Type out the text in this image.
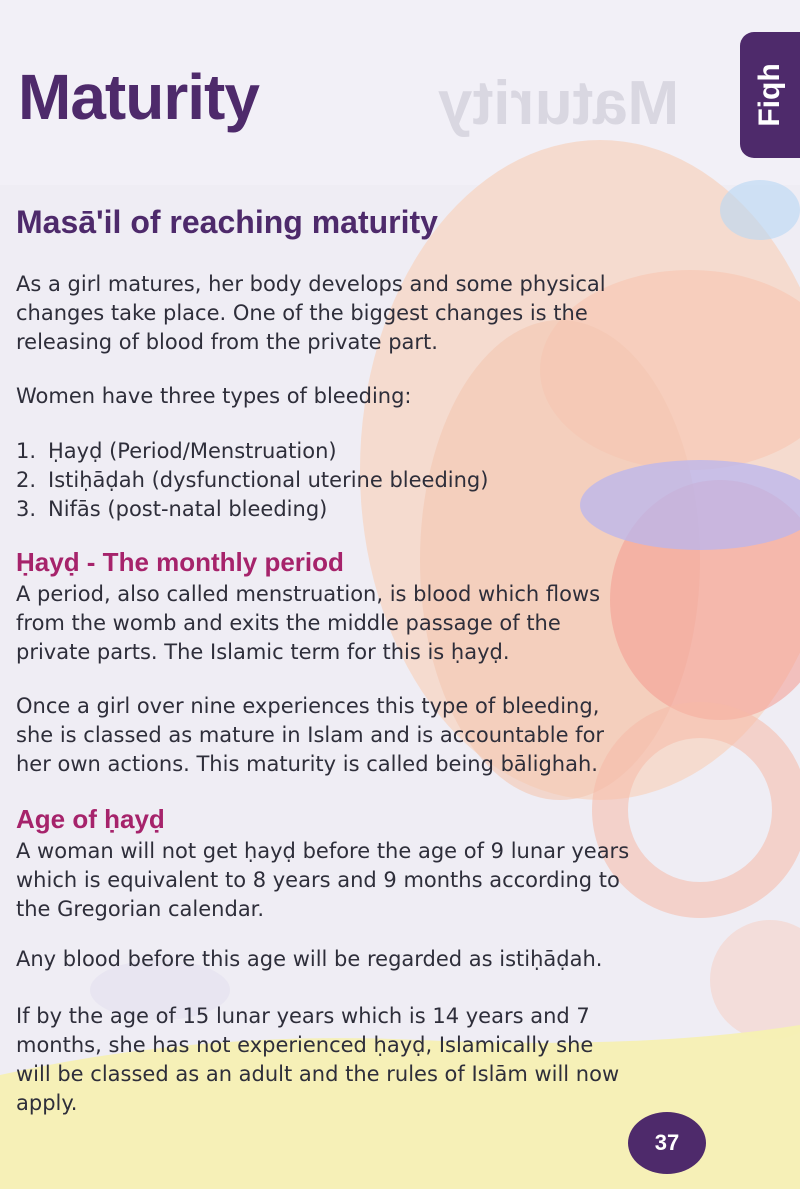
Maturity
Maturity	Fiqh
Masā'il of reaching maturity

As a girl matures, her body develops and some physical
changes take place. One of the biggest changes is the
releasing of blood from the private part.

Women have three types of bleeding:

1. Ḥayḍ (Period/Menstruation)
2. Istiḥāḍah (dysfunctional uterine bleeding)
3. Nifās (post-natal bleeding)
Ḥayḍ - The monthly period

A period, also called menstruation, is blood which flows
from the womb and exits the middle passage of the
private parts. The Islamic term for this is ḥayḍ.

Once a girl over nine experiences this type of bleeding,
she is classed as mature in Islam and is accountable for
her own actions. This maturity is called being bālighah.

Age of ḥayḍ

A woman will not get ḥayḍ before the age of 9 lunar years
which is equivalent to 8 years and 9 months according to
the Gregorian calendar.

Any blood before this age will be regarded as istiḥāḍah.

If by the age of 15 lunar years which is 14 years and 7
months, she has not experienced ḥayḍ, Islamically she
will be classed as an adult and the rules of Islām will now
apply.

37
